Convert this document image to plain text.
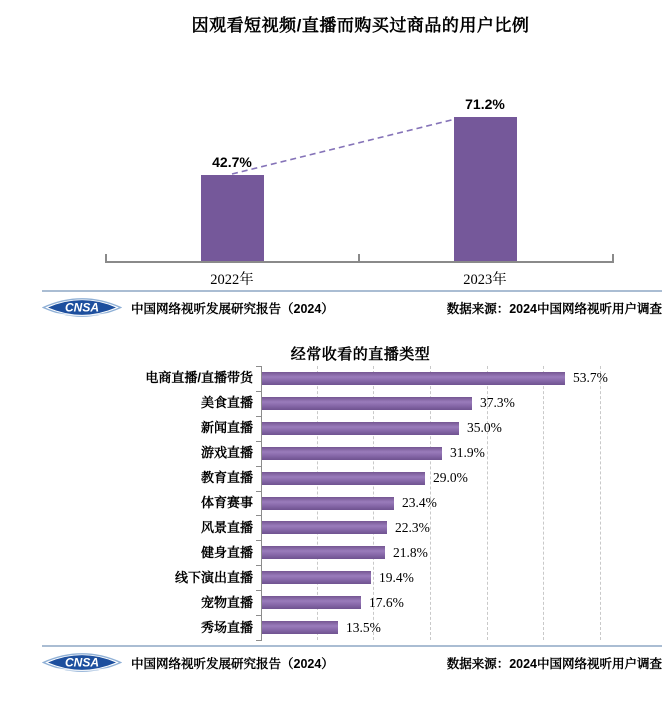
因观看短视频/直播而购买过商品的用户比例
42.7%
2022年
71.2%
2023年
CNSA	中国网络视听发展研究报告（2024）	数据来源：2024中国网络视听用户调查
经常收看的直播类型
53.7%
37.3%
35.0%
31.9%
29.0%
23.4%
22.3%
21.8%
19.4%
17.6%
13.5%
CNSA	中国网络视听发展研究报告（2024）	数据来源：2024中国网络视听用户调查
电商直播/直播带货
美食直播
新闻直播
游戏直播
教育直播
体育赛事
风景直播
健身直播
线下演出直播
宠物直播
秀场直播
